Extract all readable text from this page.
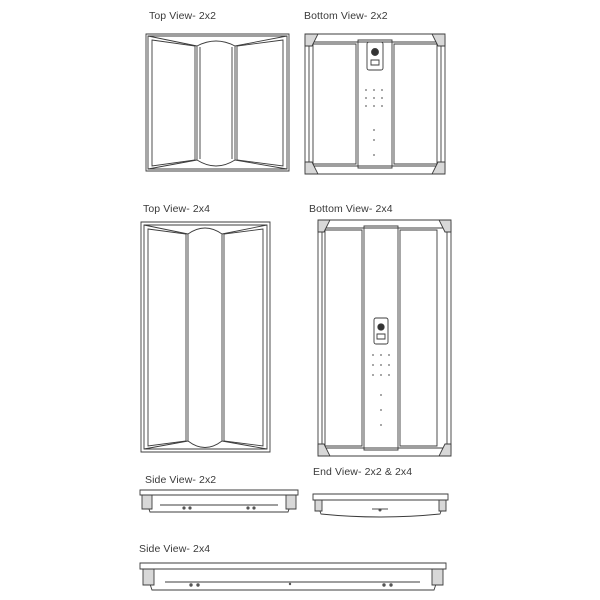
Top View- 2x2	Bottom View- 2x2
Top View- 2x4	Bottom View- 2x4
Side View- 2x2
End View- 2x2 & 2x4
Side View- 2x4
